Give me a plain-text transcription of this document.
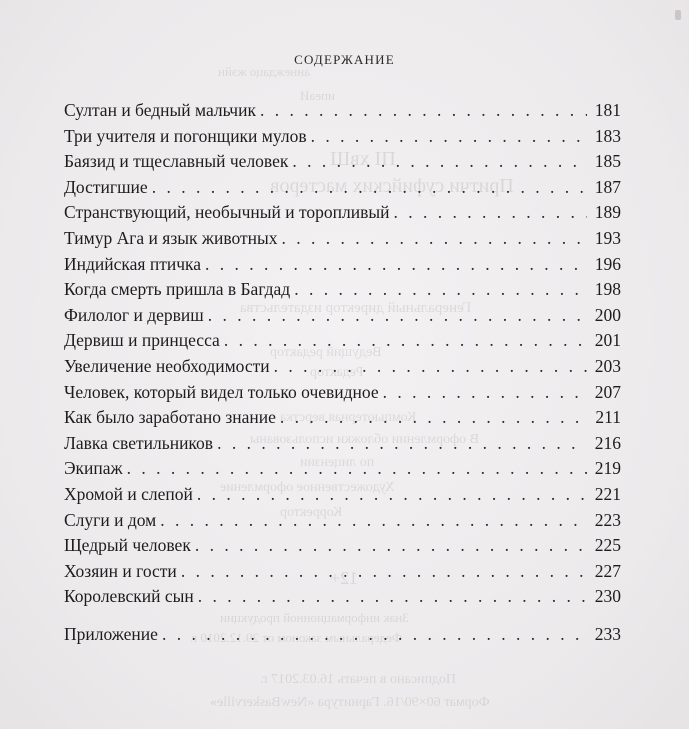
аннеждацо жэйн
ипеаИ
ПІ хвШ
Притчи суфийских мастеров
Генеральный директор издательства
Ведущий редактор
Редактор
Компьютерная верстка
В оформлении обложки использованы
по лицензии
Художественное оформление
Корректор
12+
Знак информационной продукции
Федеральным законом от 29.12.2010 г.
Подписано в печать 16.03.2017 г.
Формат 60×90/16. Гарнитура «NewBaskerville»
СОДЕРЖАНИЕ
Султан и бедный мальчик . . .	181
Три учителя и погонщики мулов . . .	183
Баязид и тщеславный человек . . .	185
Достигшие . . .	187
Странствующий, необычный и торопливый . . .	189
Тимур Ага и язык животных . . .	193
Индийская птичка . . .	196
Когда смерть пришла в Багдад . . .	198
Филолог и дервиш . . .	200
Дервиш и принцесса . . .	201
Увеличение необходимости . . .	203
Человек, который видел только очевидное . . .	207
Как было заработано знание . . .	211
Лавка светильников . . .	216
Экипаж . . .	219
Хромой и слепой . . .	221
Слуги и дом . . .	223
Щедрый человек . . .	225
Хозяин и гости . . .	227
Королевский сын . . .	230
Приложение . . .	233
